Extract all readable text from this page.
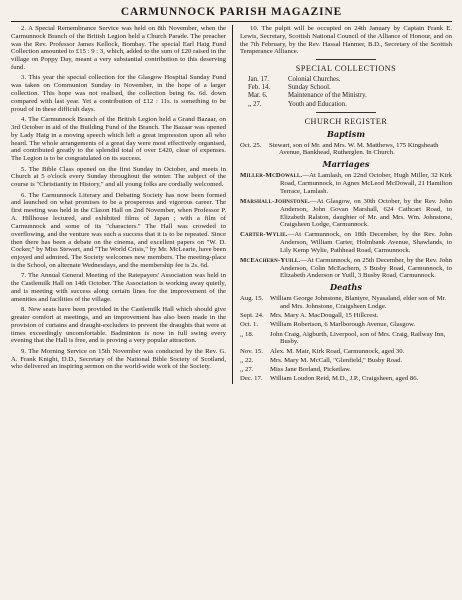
CARMUNNOCK PARISH MAGAZINE

2. A Special Remembrance Service was held on 8th November, when the Carmunnock Branch of the British Legion held a Church Parade. The preacher was the Rev. Professor James Kellock, Bombay. The special Earl Haig Fund Collection amounted to £15 : 9 : 3, which, added to the sum of £20 raised in the village on Poppy Day, meant a very substantial contribution to this deserving fund.

3. This year the special collection for the Glasgow Hospital Sunday Fund was taken on Communion Sunday in November, in the hope of a larger collection. This hope was not realised, the collection being 6s. 6d. down compared with last year. Yet a contribution of £12 : 11s. is something to be proud of in these difficult days.

4. The Carmunnock Branch of the British Legion held a Grand Bazaar, on 3rd October in aid of the Building Fund of the Branch. The Bazaar was opened by Lady Haig in a moving speech which left a great impression upon all who heard. The whole arrangements of a great day were most effectively organised, and contributed greatly to the splendid total of over £420, clear of expenses. The Legion is to be congratulated on its success.

5. The Bible Class opened on the first Sunday in October, and meets in Church at 5 o'clock every Sunday throughout the winter. The subject of the course is "Christianity in History," and all young folks are cordially welcomed.

6. The Carmunnock Literary and Debating Society has now been formed and launched on what promises to be a prosperous and vigorous career. The first meeting was held in the Clason Hall on 2nd November, when Professor P. A. Hillhouse lectured, and exhibited films of Japan ; with a film of Carmunnock and some of its "characters." The Hall was crowded to overflowing, and the venture was such a success that it is to be repeated. Since then there has been a debate on the cinema, and excellent papers on "W. D. Cocker," by Miss Stewart, and "The World Crisis," by Mr. McLearie, have been enjoyed and admired. The Society welcomes new members. The meeting-place is the School, on alternate Wednesdays, and the membership fee is 2s. 6d.

7. The Annual General Meeting of the Ratepayers' Association was held in the Castlemilk Hall on 14th October. The Association is working away quietly, and is meeting with success along certain lines for the improvement of the amenities and facilities of the village.

8. New seats have been provided in the Castlemilk Hall which should give greater comfort at meetings, and an improvement has also been made in the provision of curtains and draught-excluders to prevent the draughts that were at times exceedingly uncomfortable. Badminton is now in full swing every evening that the Hall is free, and is proving a very popular attraction.

9. The Morning Service on 15th November was conducted by the Rev. G. A. Frank Knight, D.D., Secretary of the National Bible Society of Scotland, who delivered an inspiring sermon on the world-wide work of the Society.

10. The pulpit will be occupied on 24th January by Captain Frank E. Lewis, Secretary, Scottish National Council of the Alliance of Honour, and on the 7th February, by the Rev. Hassal Hanmer, B.D., Secretary of the Scottish Temperance Alliance.

SPECIAL COLLECTIONS
Jan. 17.	Colonial Churches.
Feb. 14.	Sunday School.
Mar. 6.	Maintenance of the Ministry.
,, 27.	Youth and Education.
CHURCH REGISTER
Baptism
Oct. 25.	Stewart, son of Mr. and Mrs. W. M. Matthews, 175 Kingsheath Avenue, Bankhead, Rutherglen. In Church.
Marriages
Miller-McDowall.—At Lamlash, on 22nd October, Hugh Miller, 32 Kirk Road, Carmunnock, to Agnes McLeod McDowall, 21 Hamilton Terrace, Lamlash.
Marshall-Johnstone.—At Glasgow, on 30th October, by the Rev. John Anderson, John Govan Marshall, 624 Cathcart Road, to Elizabeth Ralston, daughter of Mr. and Mrs. Wm. Johnstone, Craigsheen Lodge, Carmunnock.
Carter-Wylie.—At Carmunnock, on 18th December, by the Rev. John Anderson, William Carter, Holmbank Avenue, Shawlands, to Lily Kemp Wylie, Pathhead Road, Carmunnock.
McEachern-Yuill.—At Carmunnock, on 25th December, by the Rev. John Anderson, Colin McEachern, 3 Busby Road, Carmunnock, to Elizabeth Anderson or Yuill, 3 Busby Road, Carmunnock.
Deaths
Aug. 15. William George Johnstone, Blantyre, Nyasaland, elder son of Mr. and Mrs. Johnstone, Craigsheen Lodge.
Sept. 24. Mrs. Mary A. MacDougall, 15 Hillcrest.
Oct. 1.	William Robertson, 6 Marlborough Avenue, Glasgow.
,, 18.	John Craig, Aigburth, Liverpool, son of Mrs. Craig, Railway Inn, Busby.
Nov. 15.	Alex. M. Mair, Kirk Road, Carmunnock, aged 30.
,, 22.	Mrs. Mary M. McCall, "Glenfield," Busby Road.
,, 27.	Miss Jane Borland, Picketlaw.
Dec. 17.	William Loudon Reid, M.D., J.P., Craigsheen, aged 86.
